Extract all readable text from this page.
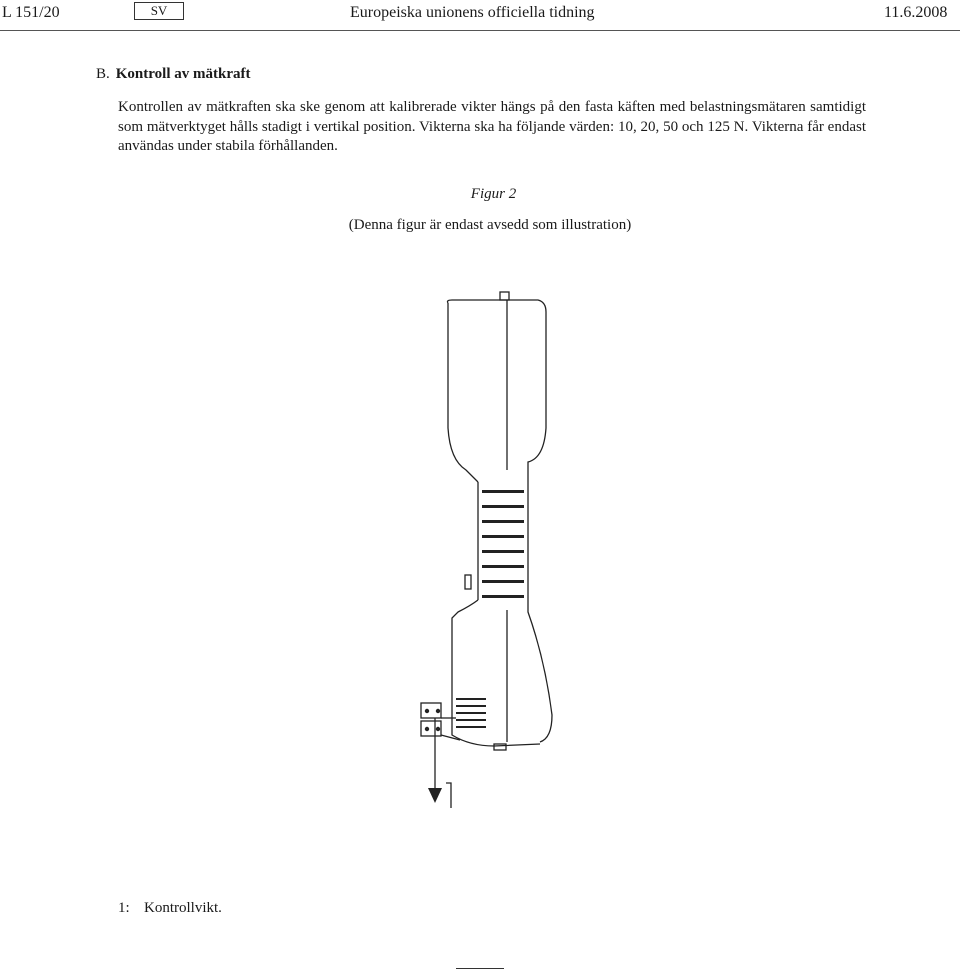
L 151/20	SV	Europeiska unionens officiella tidning	11.6.2008
B. Kontroll av mätkraft

Kontrollen av mätkraften ska ske genom att kalibrerade vikter hängs på den fasta käften med belastningsmätaren samtidigt som mätverktyget hålls stadigt i vertikal position. Vikterna ska ha följande värden: 10, 20, 50 och 125 N. Vikterna får endast användas under stabila förhållanden.

Figur 2
(Denna figur är endast avsedd som illustration)
1: Kontrollvikt.
